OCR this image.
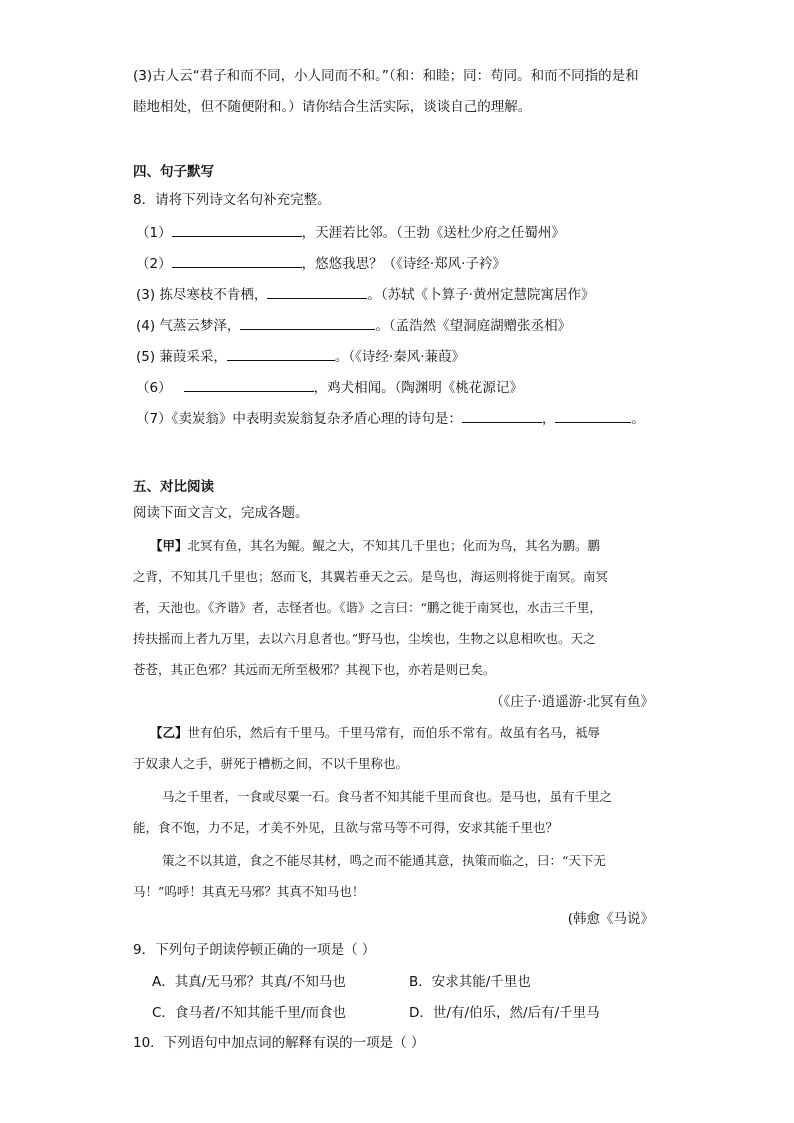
(3)古人云“君子和而不同，小人同而不和。”（和：和睦；同：苟同。和而不同指的是和
睦地相处，但不随便附和。）请你结合生活实际，谈谈自己的理解。
四、句子默写
8．请将下列诗文名句补充完整。
（1）	，天涯若比邻。（王勃《送杜少府之任蜀州》
（2）	，悠悠我思？（《诗经·郑风·子衿》
(3) 拣尽寒枝不肯栖，	。（苏轼《卜算子·黄州定慧院寓居作》
(4) 气蒸云梦泽，	。（孟浩然《望洞庭湖赠张丞相》
(5) 蒹葭采采，	。（《诗经·秦风·蒹葭》
（6）	，鸡犬相闻。（陶渊明《桃花源记》
（7）《卖炭翁》中表明卖炭翁复杂矛盾心理的诗句是：	，	。
五、对比阅读
阅读下面文言文，完成各题。
【甲】北冥有鱼，其名为鲲。鲲之大，不知其几千里也；化而为鸟，其名为鹏。鹏
之背，不知其几千里也；怒而飞，其翼若垂天之云。是鸟也，海运则将徙于南冥。南冥
者，天池也。《齐谐》者，志怪者也。《谐》之言曰：“鹏之徙于南冥也，水击三千里，
抟扶摇而上者九万里，去以六月息者也。”野马也，尘埃也，生物之以息相吹也。天之
苍苍，其正色邪？其远而无所至极邪？其视下也，亦若是则已矣。
（《庄子·逍遥游·北冥有鱼》
【乙】世有伯乐，然后有千里马。千里马常有，而伯乐不常有。故虽有名马，祗辱
于奴隶人之手，骈死于槽枥之间，不以千里称也。
马之千里者，一食或尽粟一石。食马者不知其能千里而食也。是马也，虽有千里之
能，食不饱，力不足，才美不外见，且欲与常马等不可得，安求其能千里也？
策之不以其道，食之不能尽其材，鸣之而不能通其意，执策而临之，曰：“天下无
马！”呜呼！其真无马邪？其真不知马也！
(韩愈《马说》
9．下列句子朗读停顿正确的一项是（ ）
A．其真/无马邪？其真/不知马也	B．安求其能/千里也
C．食马者/不知其能千里/而食也	D．世/有/伯乐，然/后有/千里马
10．下列语句中加点词的解释有误的一项是（ ）
